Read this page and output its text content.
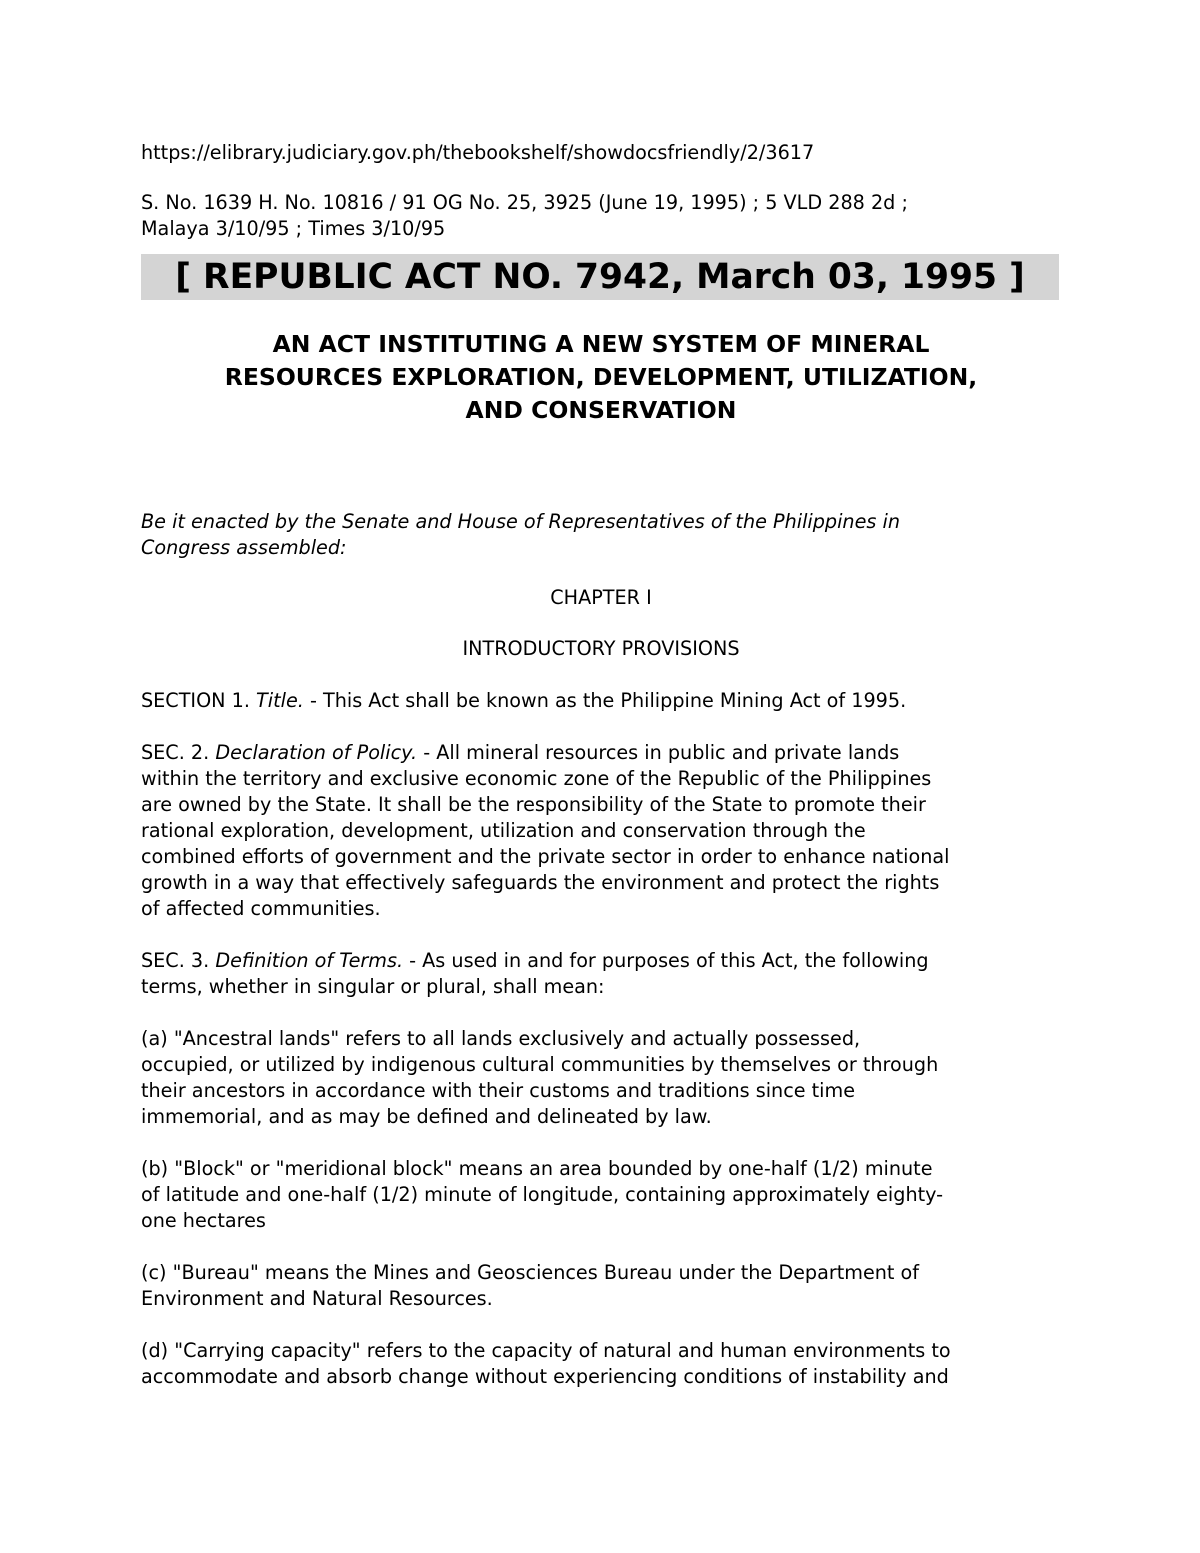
https://elibrary.judiciary.gov.ph/thebookshelf/showdocsfriendly/2/3617
S. No. 1639 H. No. 10816 / 91 OG No. 25, 3925 (June 19, 1995) ; 5 VLD 288 2d ;
Malaya 3/10/95 ; Times 3/10/95
[ REPUBLIC ACT NO. 7942, March 03, 1995 ]
AN ACT INSTITUTING A NEW SYSTEM OF MINERAL
RESOURCES EXPLORATION, DEVELOPMENT, UTILIZATION,
AND CONSERVATION
Be it enacted by the Senate and House of Representatives of the Philippines in
Congress assembled:
CHAPTER I
INTRODUCTORY PROVISIONS
SECTION 1. Title. - This Act shall be known as the Philippine Mining Act of 1995.
SEC. 2. Declaration of Policy. - All mineral resources in public and private lands
within the territory and exclusive economic zone of the Republic of the Philippines
are owned by the State. It shall be the responsibility of the State to promote their
rational exploration, development, utilization and conservation through the
combined efforts of government and the private sector in order to enhance national
growth in a way that effectively safeguards the environment and protect the rights
of affected communities.
SEC. 3. Definition of Terms. - As used in and for purposes of this Act, the following
terms, whether in singular or plural, shall mean:
(a) "Ancestral lands" refers to all lands exclusively and actually possessed,
occupied, or utilized by indigenous cultural communities by themselves or through
their ancestors in accordance with their customs and traditions since time
immemorial, and as may be defined and delineated by law.
(b) "Block" or "meridional block" means an area bounded by one-half (1/2) minute
of latitude and one-half (1/2) minute of longitude, containing approximately eighty-
one hectares
(c) "Bureau" means the Mines and Geosciences Bureau under the Department of
Environment and Natural Resources.
(d) "Carrying capacity" refers to the capacity of natural and human environments to
accommodate and absorb change without experiencing conditions of instability and
